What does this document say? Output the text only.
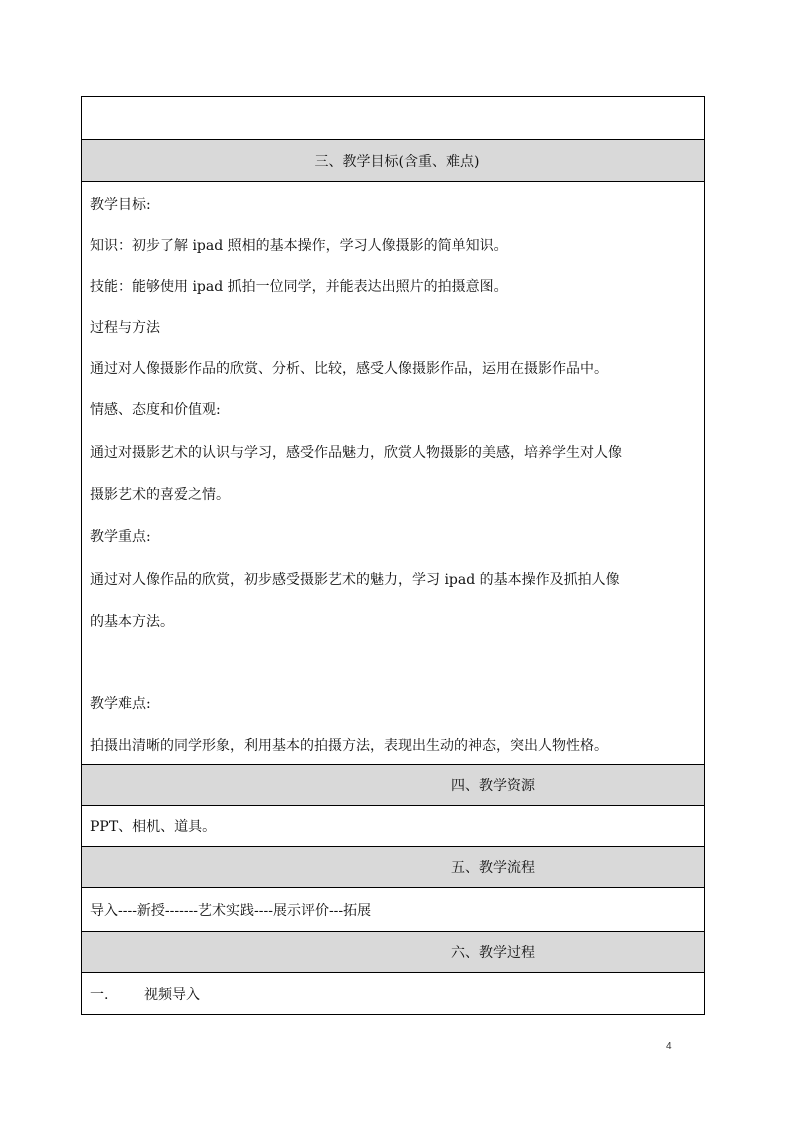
三、教学目标(含重、难点)
教学目标:
知识：初步了解 ipad 照相的基本操作，学习人像摄影的简单知识。
技能：能够使用 ipad 抓拍一位同学，并能表达出照片的拍摄意图。
过程与方法
通过对人像摄影作品的欣赏、分析、比较，感受人像摄影作品，运用在摄影作品中。
情感、态度和价值观:
通过对摄影艺术的认识与学习，感受作品魅力，欣赏人物摄影的美感，培养学生对人像
摄影艺术的喜爱之情。
教学重点:
通过对人像作品的欣赏，初步感受摄影艺术的魅力，学习 ipad 的基本操作及抓拍人像
的基本方法。
教学难点:
拍摄出清晰的同学形象，利用基本的拍摄方法，表现出生动的神态，突出人物性格。
四、教学资源
PPT、相机、道具。
五、教学流程
导入----新授-------艺术实践----展示评价---拓展
六、教学过程
一.	视频导入
4
